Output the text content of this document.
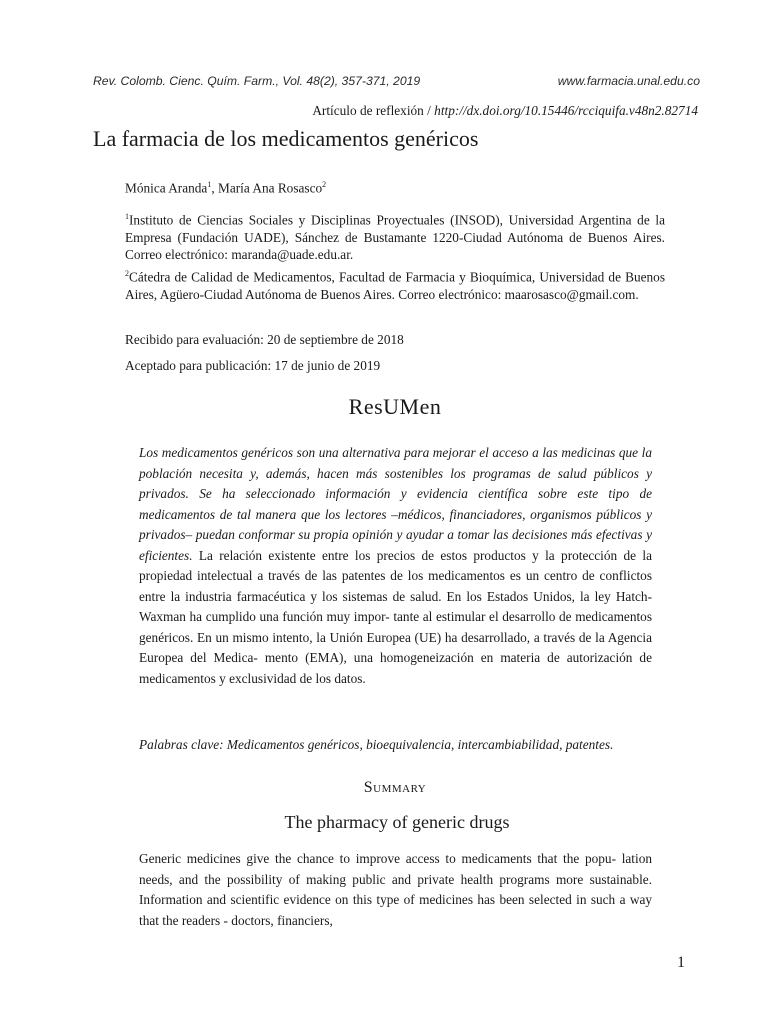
Rev. Colomb. Cienc. Quím. Farm., Vol. 48(2), 357-371, 2019	www.farmacia.unal.edu.co
Artículo de reflexión / http://dx.doi.org/10.15446/rcciquifa.v48n2.82714
La farmacia de los medicamentos genéricos
Mónica Aranda$^1$, María Ana Rosasco$^2$
$^1$Instituto de Ciencias Sociales y Disciplinas Proyectuales (INSOD), Universidad Argentina de la Empresa (Fundación UADE), Sánchez de Bustamante 1220-Ciudad Autónoma de Buenos Aires. Correo electrónico: maranda@uade.edu.ar.
$^2$Cátedra de Calidad de Medicamentos, Facultad de Farmacia y Bioquímica, Universidad de Buenos Aires, Agüero-Ciudad Autónoma de Buenos Aires. Correo electrónico: maarosasco@gmail.com.
Recibido para evaluación: 20 de septiembre de 2018
Aceptado para publicación: 17 de junio de 2019
ResUMen
Los medicamentos genéricos son una alternativa para mejorar el acceso a las medicinas que la población necesita y, además, hacen más sostenibles los programas de salud públicos y privados. Se ha seleccionado información y evidencia científica sobre este tipo de medicamentos de tal manera que los lectores –médicos, financiadores, organismos públicos y privados– puedan conformar su propia opinión y ayudar a tomar las decisiones más efectivas y eficientes. La relación existente entre los precios de estos productos y la protección de la propiedad intelectual a través de las patentes de los medicamentos es un centro de conflictos entre la industria farmacéutica y los sistemas de salud. En los Estados Unidos, la ley Hatch-Waxman ha cumplido una función muy impor- tante al estimular el desarrollo de medicamentos genéricos. En un mismo intento, la Unión Europea (UE) ha desarrollado, a través de la Agencia Europea del Medica- mento (EMA), una homogeneización en materia de autorización de medicamentos y exclusividad de los datos.
Palabras clave: Medicamentos genéricos, bioequivalencia, intercambiabilidad, patentes.
Summary
The pharmacy of generic drugs
Generic medicines give the chance to improve access to medicaments that the popu- lation needs, and the possibility of making public and private health programs more sustainable. Information and scientific evidence on this type of medicines has been selected in such a way that the readers - doctors, financiers,
1
